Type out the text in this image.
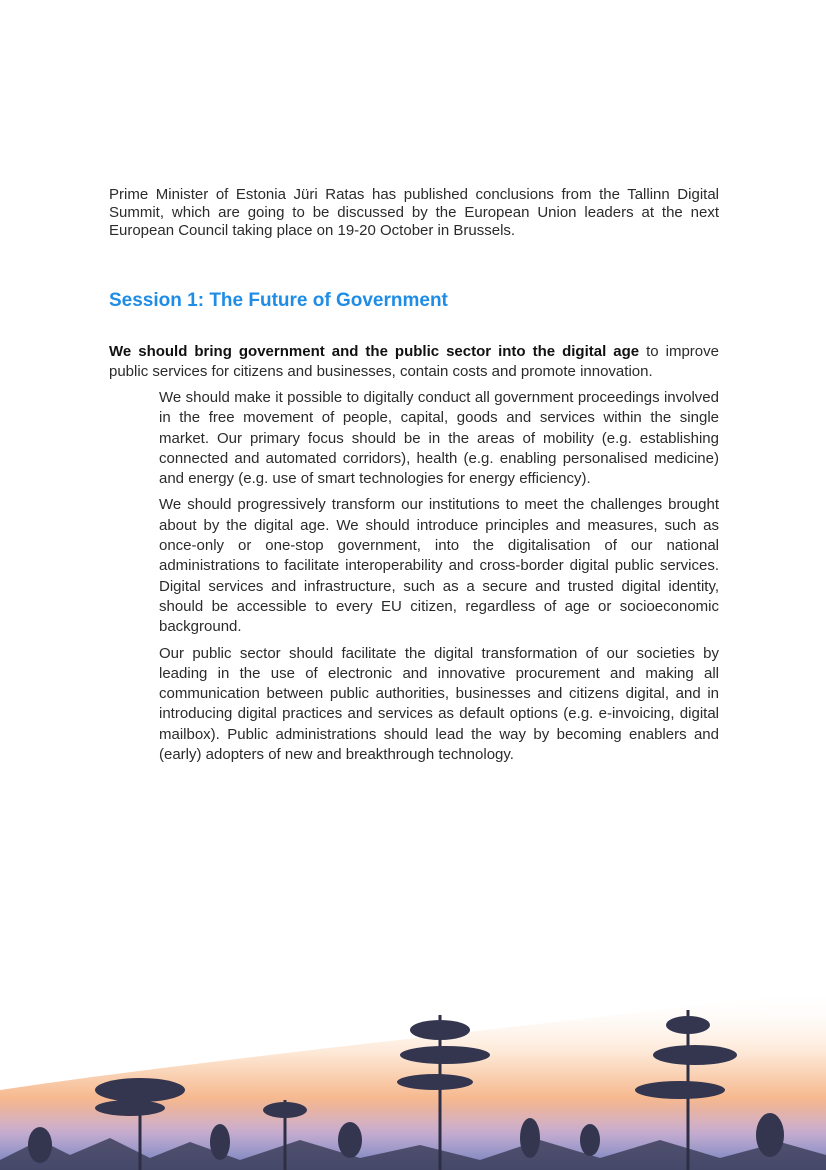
Prime Minister of Estonia Jüri Ratas has published conclusions from the Tallinn Digital Summit, which are going to be discussed by the European Union leaders at the next European Council taking place on 19-20 October in Brussels.

Session 1: The Future of Government

We should bring government and the public sector into the digital age to improve public services for citizens and businesses, contain costs and promote innovation.

We should make it possible to digitally conduct all government proceedings involved in the free movement of people, capital, goods and services within the single market. Our primary focus should be in the areas of mobility (e.g. establishing connected and automated corridors), health (e.g. enabling personalised medicine) and energy (e.g. use of smart technologies for energy efficiency).
We should progressively transform our institutions to meet the challenges brought about by the digital age. We should introduce principles and measures, such as once-only or one-stop government, into the digitalisation of our national administrations to facilitate interoperability and cross-border digital public services. Digital services and infrastructure, such as a secure and trusted digital identity, should be accessible to every EU citizen, regardless of age or socioeconomic background.
Our public sector should facilitate the digital transformation of our societies by leading in the use of electronic and innovative procurement and making all communication between public authorities, businesses and citizens digital, and in introducing digital practices and services as default options (e.g. e-invoicing, digital mailbox). Public administrations should lead the way by becoming enablers and (early) adopters of new and breakthrough technology.
